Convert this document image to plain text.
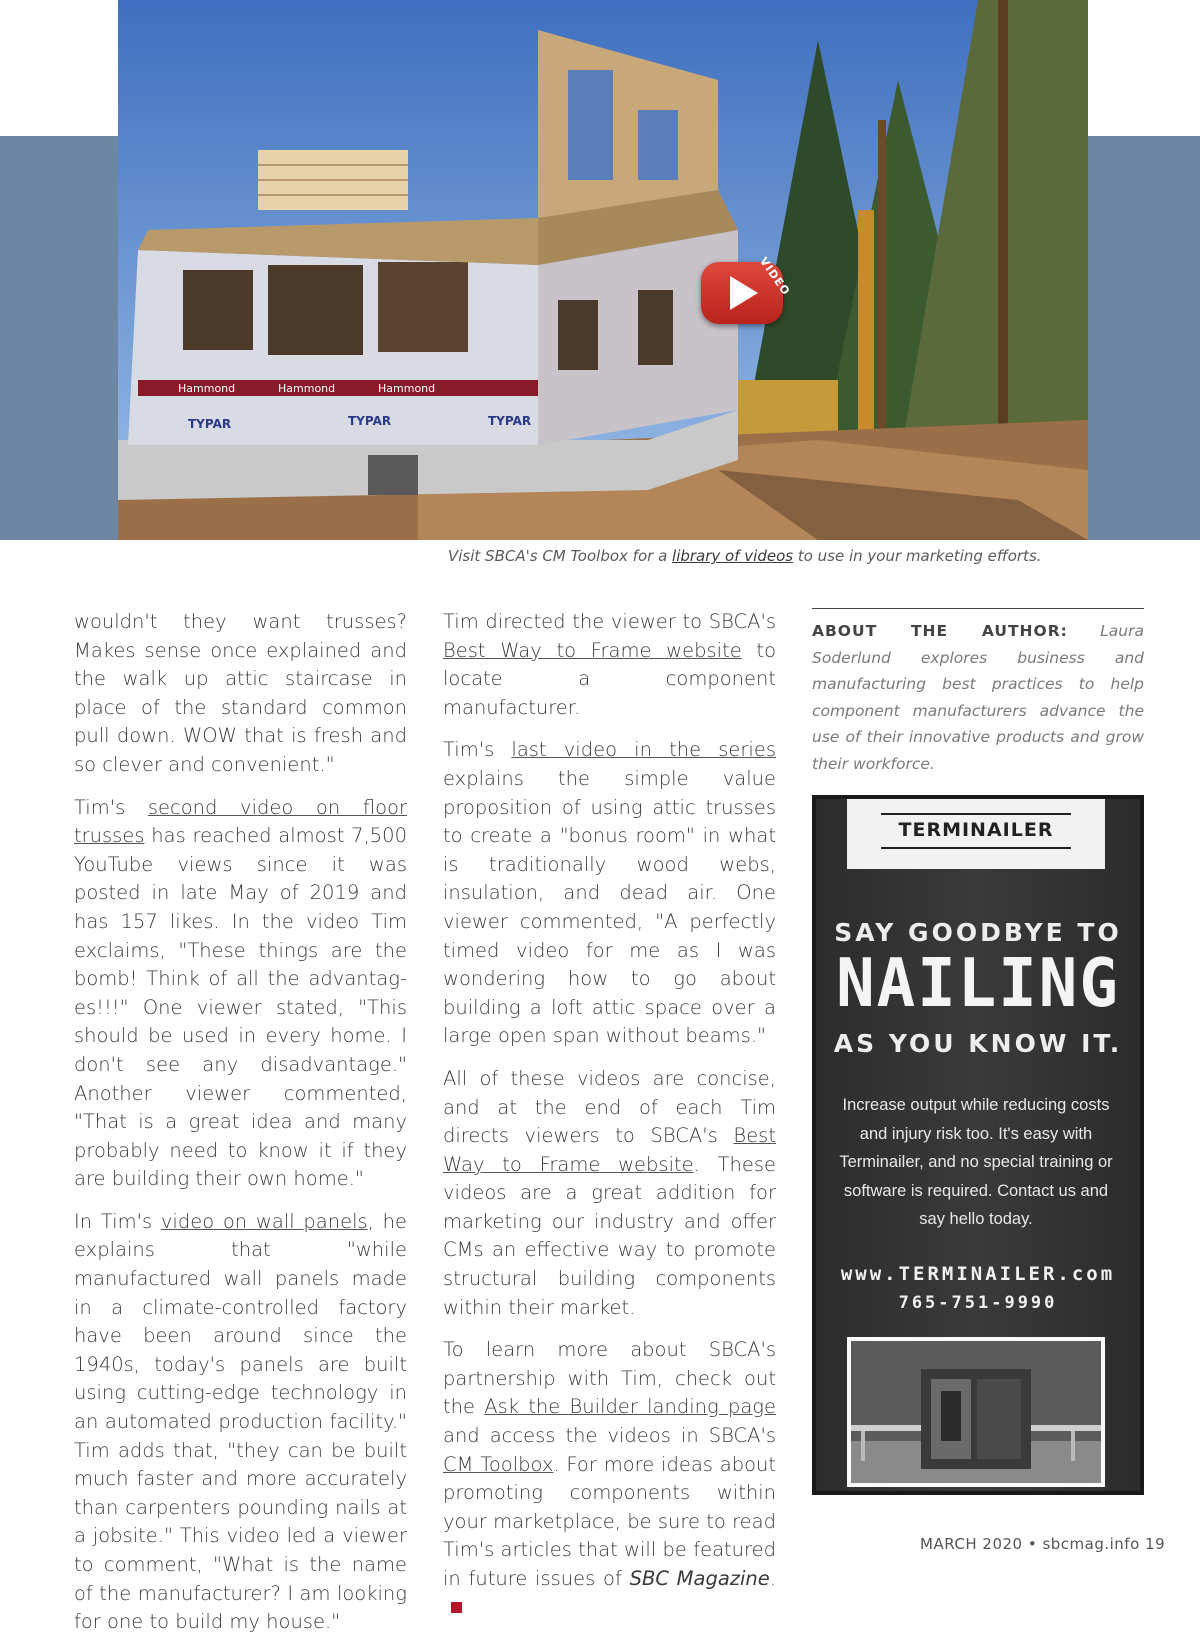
Hammond	Hammond	Hammond
TYPAR	TYPAR	TYPAR
VIDEO
Visit SBCA's CM Toolbox for a library of videos to use in your marketing efforts.

wouldn't they want trusses? Makes sense once explained and the walk up attic staircase in place of the standard common pull down. WOW that is fresh and so clever and convenient."

Tim's second video on floor trusses has reached almost 7,500 YouTube views since it was posted in late May of 2019 and has 157 likes. In the video Tim exclaims, "These things are the bomb! Think of all the advantages!!!" One viewer stated, "This should be used in every home. I don't see any disadvantage." Another viewer commented, "That is a great idea and many probably need to know it if they are building their own home."

In Tim's video on wall panels, he explains that "while manufactured wall panels made in a climate-controlled factory have been around since the 1940s, today's panels are built using cutting-edge technology in an automated production facility." Tim adds that, "they can be built much faster and more accurately than carpenters pounding nails at a jobsite." This video led a viewer to comment, "What is the name of the manufacturer? I am looking for one to build my house."

Tim directed the viewer to SBCA's Best Way to Frame website to locate a component manufacturer.

Tim's last video in the series explains the simple value proposition of using attic trusses to create a "bonus room" in what is traditionally wood webs, insulation, and dead air. One viewer commented, "A perfectly timed video for me as I was wondering how to go about building a loft attic space over a large open span without beams."

All of these videos are concise, and at the end of each Tim directs viewers to SBCA's Best Way to Frame website. These videos are a great addition for marketing our industry and offer CMs an effective way to promote structural building components within their market.

To learn more about SBCA's partnership with Tim, check out the Ask the Builder landing page and access the videos in SBCA's CM Toolbox. For more ideas about promoting components within your marketplace, be sure to read Tim's articles that will be featured in future issues of SBC Magazine.

ABOUT THE AUTHOR: Laura Soderlund explores business and manufacturing best practices to help component manufacturers advance the use of their innovative products and grow their workforce.
TERMINAILER
SAY GOODBYE TO
NAILING
AS YOU KNOW IT.
Increase output while reducing costs and injury risk too. It's easy with Terminailer, and no special training or software is required. Contact us and say hello today.
www.TERMINAILER.com
765-751-9990
MARCH 2020 • sbcmag.info 19
